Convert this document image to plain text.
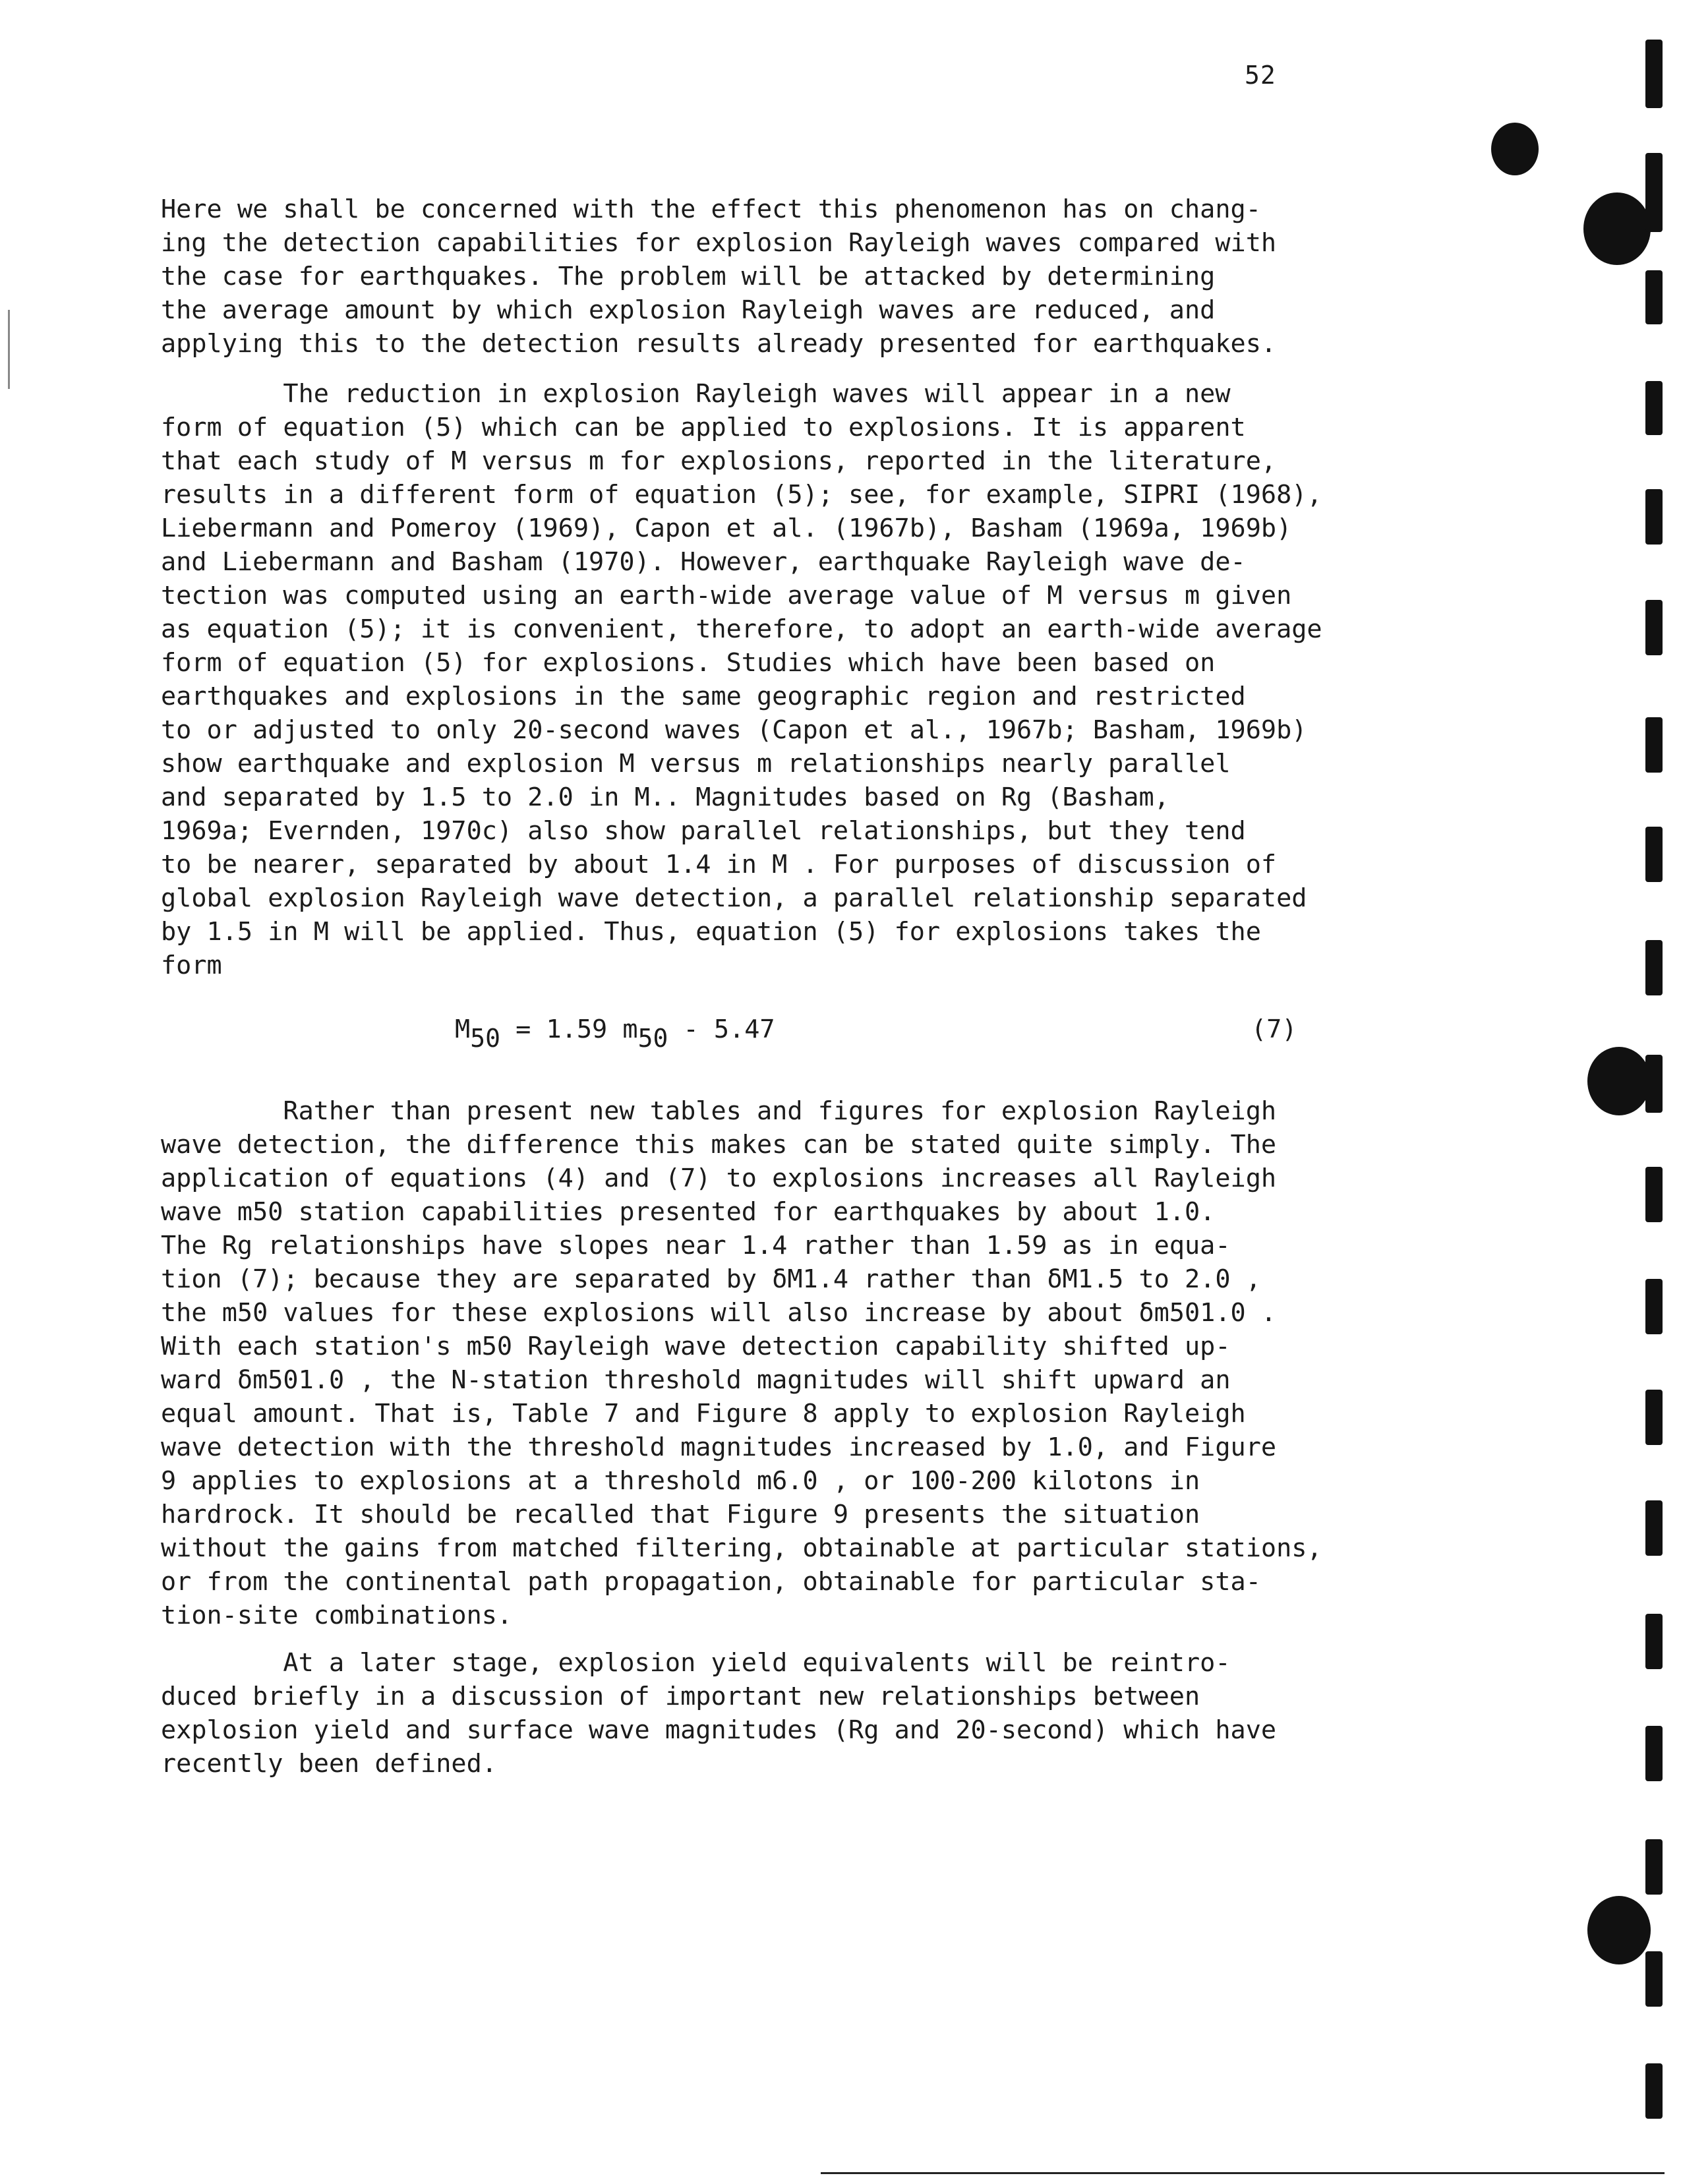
52
Here we shall be concerned with the effect this phenomenon has on chang-
ing the detection capabilities for explosion Rayleigh waves compared with
the case for earthquakes. The problem will be attacked by determining
the average amount by which explosion Rayleigh waves are reduced, and
applying this to the detection results already presented for earthquakes.
The reduction in explosion Rayleigh waves will appear in a new
form of equation (5) which can be applied to explosions. It is apparent
that each study of M versus m for explosions, reported in the literature,
results in a different form of equation (5); see, for example, SIPRI (1968),
Liebermann and Pomeroy (1969), Capon et al. (1967b), Basham (1969a, 1969b)
and Liebermann and Basham (1970). However, earthquake Rayleigh wave de-
tection was computed using an earth-wide average value of M versus m given
as equation (5); it is convenient, therefore, to adopt an earth-wide average
form of equation (5) for explosions. Studies which have been based on
earthquakes and explosions in the same geographic region and restricted
to or adjusted to only 20-second waves (Capon et al., 1967b; Basham, 1969b)
show earthquake and explosion M versus m relationships nearly parallel
and separated by 1.5 to 2.0 in M.. Magnitudes based on Rg (Basham,
1969a; Evernden, 1970c) also show parallel relationships, but they tend
to be nearer, separated by about 1.4 in M . For purposes of discussion of
global explosion Rayleigh wave detection, a parallel relationship separated
by 1.5 in M will be applied. Thus, equation (5) for explosions takes the
form
$M_{50} = 1.59$ $m_{50} - 5.47$	(7)
Rather than present new tables and figures for explosion Rayleigh
wave detection, the difference this makes can be stated quite simply. The
application of equations (4) and (7) to explosions increases all Rayleigh
wave m50 station capabilities presented for earthquakes by about 1.0.
The Rg relationships have slopes near 1.4 rather than 1.59 as in equa-
tion (7); because they are separated by δM1.4 rather than δM1.5 to 2.0 ,
the m50 values for these explosions will also increase by about δm501.0 .
With each station's m50 Rayleigh wave detection capability shifted up-
ward δm501.0 , the N-station threshold magnitudes will shift upward an
equal amount. That is, Table 7 and Figure 8 apply to explosion Rayleigh
wave detection with the threshold magnitudes increased by 1.0, and Figure
9 applies to explosions at a threshold m6.0 , or 100-200 kilotons in
hardrock. It should be recalled that Figure 9 presents the situation
without the gains from matched filtering, obtainable at particular stations,
or from the continental path propagation, obtainable for particular sta-
tion-site combinations.
At a later stage, explosion yield equivalents will be reintro-
duced briefly in a discussion of important new relationships between
explosion yield and surface wave magnitudes (Rg and 20-second) which have
recently been defined.
